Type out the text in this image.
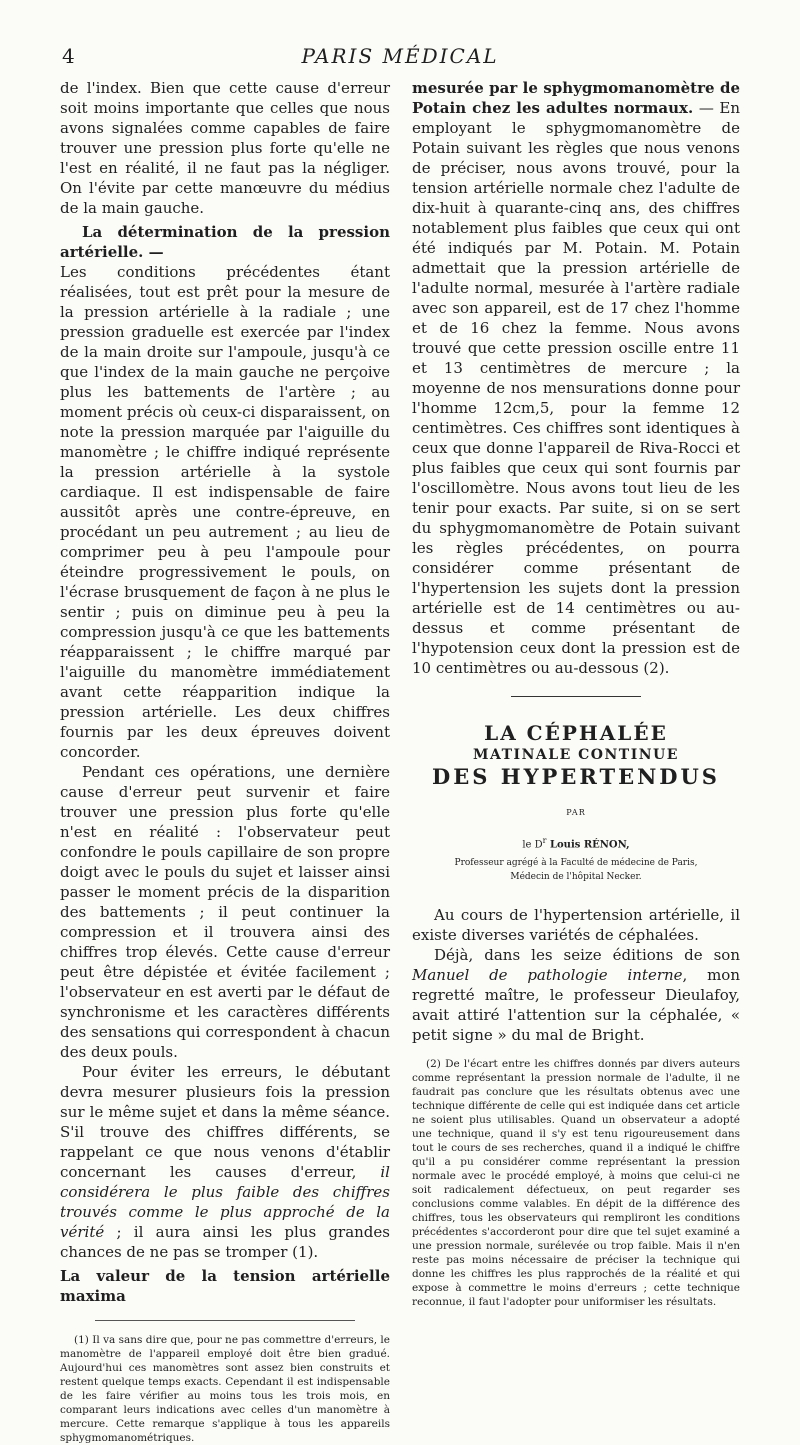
4	PARIS MÉDICAL

de l'index. Bien que cette cause d'erreur soit moins importante que celles que nous avons signalées comme capables de faire trouver une pression plus forte qu'elle ne l'est en réalité, il ne faut pas la négliger. On l'évite par cette manœuvre du médius de la main gauche.

La détermination de la pression artérielle. —

Les conditions précédentes étant réalisées, tout est prêt pour la mesure de la pression artérielle à la radiale ; une pression graduelle est exercée par l'index de la main droite sur l'ampoule, jusqu'à ce que l'index de la main gauche ne perçoive plus les battements de l'artère ; au moment précis où ceux-ci disparaissent, on note la pression marquée par l'aiguille du manomètre ; le chiffre indiqué représente la pression artérielle à la systole cardiaque. Il est indispensable de faire aussitôt après une contre-épreuve, en procédant un peu autrement ; au lieu de comprimer peu à peu l'ampoule pour éteindre progressivement le pouls, on l'écrase brusquement de façon à ne plus le sentir ; puis on diminue peu à peu la compression jusqu'à ce que les battements réapparaissent ; le chiffre marqué par l'aiguille du manomètre immédiatement avant cette réapparition indique la pression artérielle. Les deux chiffres fournis par les deux épreuves doivent concorder.

Pendant ces opérations, une dernière cause d'erreur peut survenir et faire trouver une pression plus forte qu'elle n'est en réalité : l'observateur peut confondre le pouls capillaire de son propre doigt avec le pouls du sujet et laisser ainsi passer le moment précis de la disparition des battements ; il peut continuer la compression et il trouvera ainsi des chiffres trop élevés. Cette cause d'erreur peut être dépistée et évitée facilement ; l'observateur en est averti par le défaut de synchronisme et les caractères différents des sensations qui correspondent à chacun des deux pouls.

Pour éviter les erreurs, le débutant devra mesurer plusieurs fois la pression sur le même sujet et dans la même séance. S'il trouve des chiffres différents, se rappelant ce que nous venons d'établir concernant les causes d'erreur, il considérera le plus faible des chiffres trouvés comme le plus approché de la vérité ; il aura ainsi les plus grandes chances de ne pas se tromper (1).

La valeur de la tension artérielle maxima

(1) Il va sans dire que, pour ne pas commettre d'erreurs, le manomètre de l'appareil employé doit être bien gradué. Aujourd'hui ces manomètres sont assez bien construits et restent quelque temps exacts. Cependant il est indispensable de les faire vérifier au moins tous les trois mois, en comparant leurs indications avec celles d'un manomètre à mercure. Cette remarque s'applique à tous les appareils sphygmomanométriques.

mesurée par le sphygmomanomètre de Potain chez les adultes normaux. — En employant le sphygmomanomètre de Potain suivant les règles que nous venons de préciser, nous avons trouvé, pour la tension artérielle normale chez l'adulte de dix-huit à quarante-cinq ans, des chiffres notablement plus faibles que ceux qui ont été indiqués par M. Potain. M. Potain admettait que la pression artérielle de l'adulte normal, mesurée à l'artère radiale avec son appareil, est de 17 chez l'homme et de 16 chez la femme. Nous avons trouvé que cette pression oscille entre 11 et 13 centimètres de mercure ; la moyenne de nos mensurations donne pour l'homme 12cm,5, pour la femme 12 centimètres. Ces chiffres sont identiques à ceux que donne l'appareil de Riva-Rocci et plus faibles que ceux qui sont fournis par l'oscillomètre. Nous avons tout lieu de les tenir pour exacts. Par suite, si on se sert du sphygmomanomètre de Potain suivant les règles précédentes, on pourra considérer comme présentant de l'hypertension les sujets dont la pression artérielle est de 14 centimètres ou au-dessus et comme présentant de l'hypotension ceux dont la pression est de 10 centimètres ou au-dessous (2).

LA CÉPHALÉE
MATINALE CONTINUE
DES HYPERTENDUS
PAR
le $D^r$ Louis RÉNON,
Professeur agrégé à la Faculté de médecine de Paris,
Médecin de l'hôpital Necker.

Au cours de l'hypertension artérielle, il existe diverses variétés de céphalées.

Déjà, dans les seize éditions de son Manuel de pathologie interne, mon regretté maître, le professeur Dieulafoy, avait attiré l'attention sur la céphalée, « petit signe » du mal de Bright.

(2) De l'écart entre les chiffres donnés par divers auteurs comme représentant la pression normale de l'adulte, il ne faudrait pas conclure que les résultats obtenus avec une technique différente de celle qui est indiquée dans cet article ne soient plus utilisables. Quand un observateur a adopté une technique, quand il s'y est tenu rigoureusement dans tout le cours de ses recherches, quand il a indiqué le chiffre qu'il a pu considérer comme représentant la pression normale avec le procédé employé, à moins que celui-ci ne soit radicalement défectueux, on peut regarder ses conclusions comme valables. En dépit de la différence des chiffres, tous les observateurs qui rempliront les conditions précédentes s'accorderont pour dire que tel sujet examiné a une pression normale, surélevée ou trop faible. Mais il n'en reste pas moins nécessaire de préciser la technique qui donne les chiffres les plus rapprochés de la réalité et qui expose à commettre le moins d'erreurs ; cette technique reconnue, il faut l'adopter pour uniformiser les résultats.
